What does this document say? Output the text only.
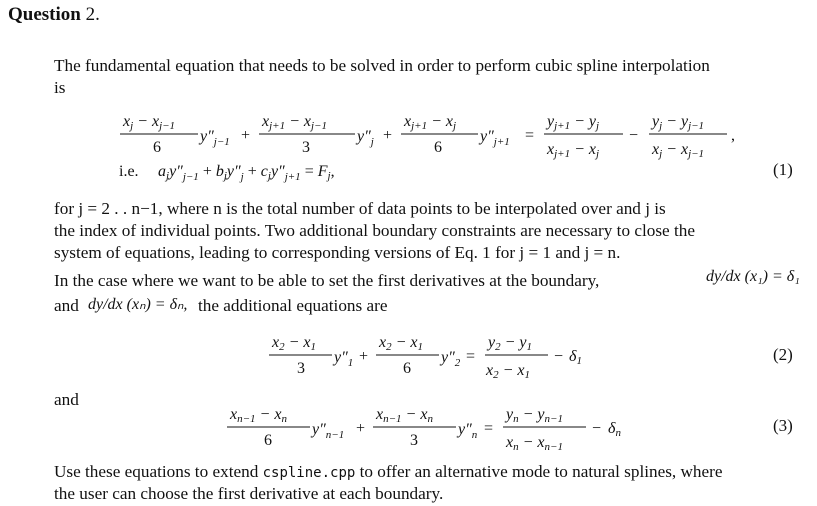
Question 2.
The fundamental equation that needs to be solved in order to perform cubic spline interpolation
is
xj − xj−1
6
$y''_{j-1}$ +
xj+1 − xj−1
3
$y''_j$ +
xj+1 − xj
6
$y''_{j+1}$ =
yj+1 − yj
xj+1 − xj
−
yj − yj−1
xj − xj−1
,
i.e. $ajy''_{j-1} + bjy''_j + cjy''_{j+1} = Fj$,	(1)
for j = 2 . . n−1, where n is the total number of data points to be interpolated over and j is
the index of individual points. Two additional boundary constraints are necessary to close the
system of equations, leading to corresponding versions of Eq. 1 for j = 1 and j = n.
In the case where we want to be able to set the first derivatives at the boundary,	dy/dx (x₁) = δ₁
and dy/dx (xₙ) = δₙ, the additional equations are
x2 − x1
3
$y''_1$ +
x2 − x1
6
$y''_2$ =
y2 − y1
x2 − x1
− δ1	(2)
and
xn−1 − xn
6
$y''_{n-1}$ +
xn−1 − xn
3
$y''_n$ =
yn − yn−1
xn − xn−1
− δn	(3)
Use these equations to extend cspline.cpp to offer an alternative mode to natural splines, where
the user can choose the first derivative at each boundary.
